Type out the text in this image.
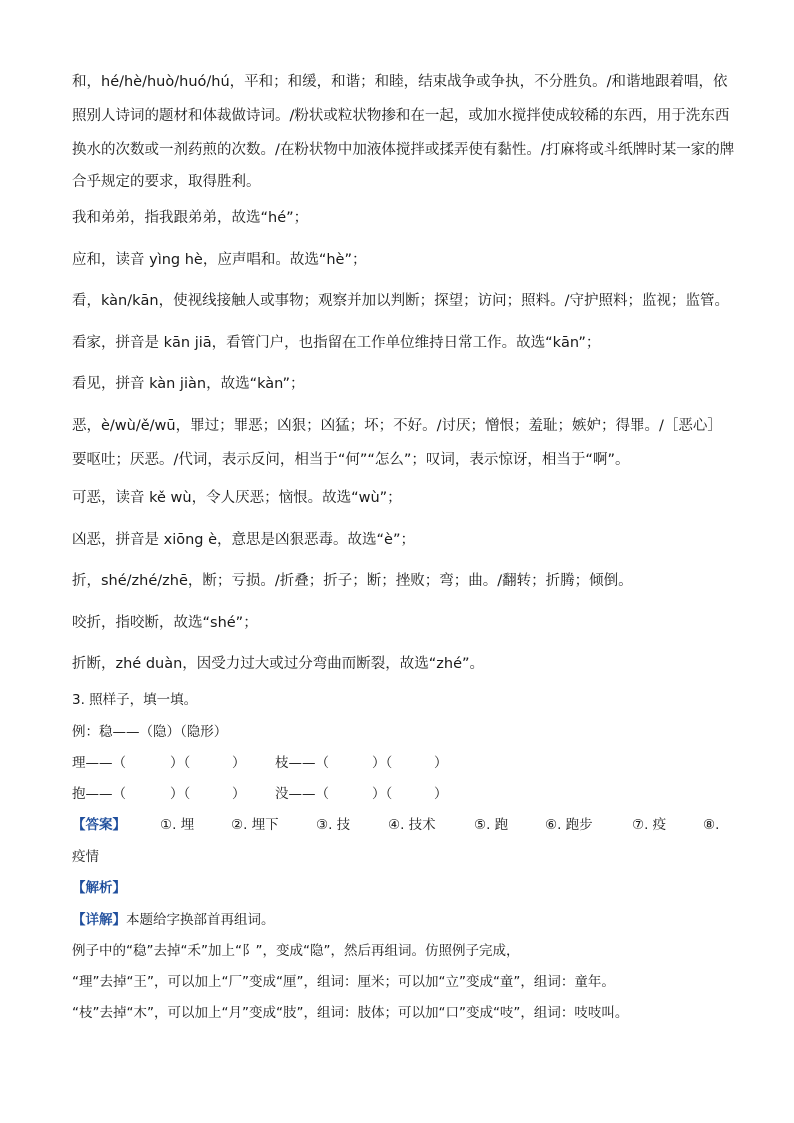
和，hé/hè/huò/huó/hú，平和；和缓，和谐；和睦，结束战争或争执，不分胜负。/和谐地跟着唱，依
照别人诗词的题材和体裁做诗词。/粉状或粒状物掺和在一起，或加水搅拌使成较稀的东西，用于洗东西
换水的次数或一剂药煎的次数。/在粉状物中加液体搅拌或揉弄使有黏性。/打麻将或斗纸牌时某一家的牌
合乎规定的要求，取得胜利。
我和弟弟，指我跟弟弟，故选“hé”；
应和，读音 yìng hè，应声唱和。故选“hè”；
看，kàn/kān，使视线接触人或事物；观察并加以判断；探望；访问；照料。/守护照料；监视；监管。
看家，拼音是 kān jiā，看管门户，也指留在工作单位维持日常工作。故选“kān”；
看见，拼音 kàn jiàn，故选“kàn”；
恶，è/wù/ě/wū，罪过；罪恶；凶狠；凶猛；坏；不好。/讨厌；憎恨；羞耻；嫉妒；得罪。/［恶心］
要呕吐；厌恶。/代词，表示反问，相当于“何”“怎么”；叹词，表示惊讶，相当于“啊”。
可恶，读音 kě wù，令人厌恶；恼恨。故选“wù”；
凶恶，拼音是 xiōng è，意思是凶狠恶毒。故选“è”；
折，shé/zhé/zhē，断；亏损。/折叠；折子；断；挫败；弯；曲。/翻转；折腾；倾倒。
咬折，指咬断，故选“shé”；
折断，zhé duàn，因受力过大或过分弯曲而断裂，故选“zhé”。
3. 照样子，填一填。
例：稳——（隐）（隐形）
理——（	）（	） 枝——（	）（	）
抱——（	）（	） 没——（	）（	）
【答案】	①. 埋	②. 埋下	③. 技	④. 技术	⑤. 跑	⑥. 跑步	⑦. 疫	⑧.
疫情
【解析】
【详解】本题给字换部首再组词。
例子中的“稳”去掉“禾”加上“阝”，变成“隐”，然后再组词。仿照例子完成，
“理”去掉“王”，可以加上“厂”变成“厘”，组词：厘米；可以加“立”变成“童”，组词：童年。
“枝”去掉“木”，可以加上“月”变成“肢”，组词：肢体；可以加“口”变成“吱”，组词：吱吱叫。
